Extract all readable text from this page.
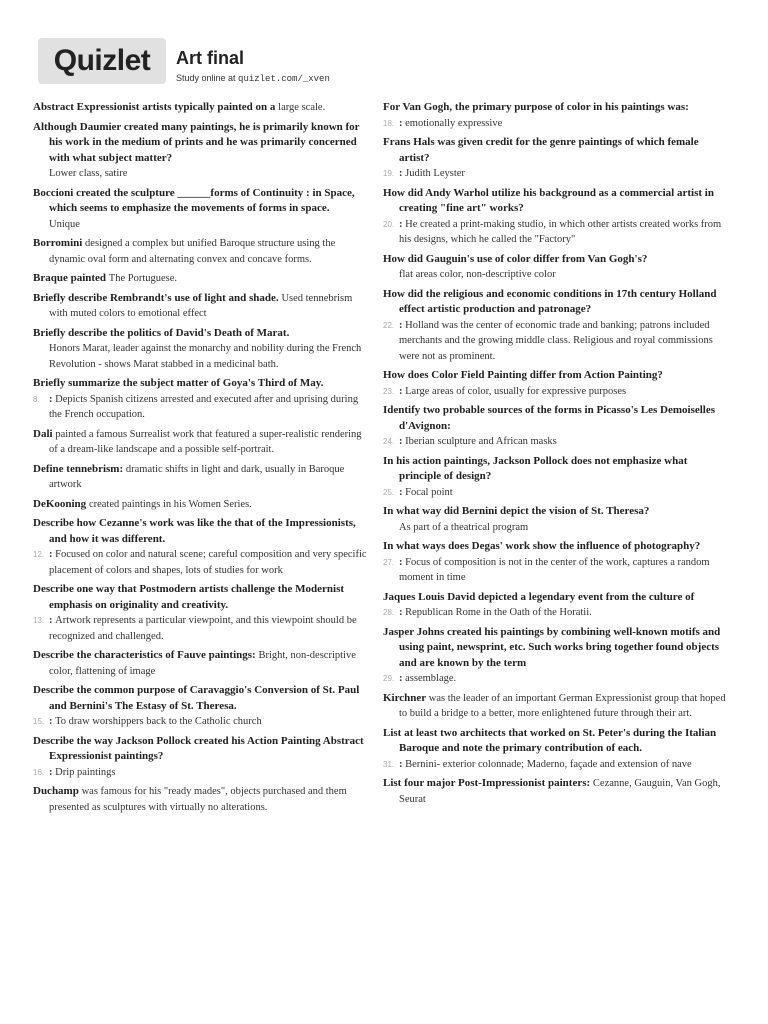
Quizlet	Art final
Study online at quizlet.com/_xven
Abstract Expressionist artists typically painted on a large scale.
Although Daumier created many paintings, he is primarily known for his work in the medium of prints and he was primarily concerned with what subject matter?
Lower class, satire
Boccioni created the sculpture ______forms of Continuity : in Space, which seems to emphasize the movements of forms in space.
Unique
Borromini designed a complex but unified Baroque structure using the dynamic oval form and alternating convex and concave forms.
Braque painted The Portuguese.
Briefly describe Rembrandt's use of light and shade. Used tennebrism with muted colors to emotional effect
Briefly describe the politics of David's Death of Marat.
Honors Marat, leader against the monarchy and nobility during the French Revolution - shows Marat stabbed in a medicinal bath.
Briefly summarize the subject matter of Goya's Third of May.
8. : Depicts Spanish citizens arrested and executed after and uprising during the French occupation.
Dali painted a famous Surrealist work that featured a super-realistic rendering of a dream-like landscape and a possible self-portrait.
Define tennebrism: dramatic shifts in light and dark, usually in Baroque artwork
DeKooning created paintings in his Women Series.
Describe how Cezanne's work was like the that of the Impressionists, and how it was different.
12. : Focused on color and natural scene; careful composition and very specific placement of colors and shapes, lots of studies for work
Describe one way that Postmodern artists challenge the Modernist emphasis on originality and creativity.
13. : Artwork represents a particular viewpoint, and this viewpoint should be recognized and challenged.
Describe the characteristics of Fauve paintings: Bright, non-descriptive color, flattening of image
Describe the common purpose of Caravaggio's Conversion of St. Paul and Bernini's The Estasy of St. Theresa.
15. : To draw worshippers back to the Catholic church
Describe the way Jackson Pollock created his Action Painting Abstract Expressionist paintings?
16. : Drip paintings
Duchamp was famous for his "ready mades", objects purchased and them presented as sculptures with virtually no alterations.
For Van Gogh, the primary purpose of color in his paintings was:
18. : emotionally expressive
Frans Hals was given credit for the genre paintings of which female artist?
19. : Judith Leyster
How did Andy Warhol utilize his background as a commercial artist in creating "fine art" works?
20. : He created a print-making studio, in which other artists created works from his designs, which he called the "Factory"
How did Gauguin's use of color differ from Van Gogh's?
flat areas color, non-descriptive color
How did the religious and economic conditions in 17th century Holland effect artistic production and patronage?
22. : Holland was the center of economic trade and banking; patrons included merchants and the growing middle class. Religious and royal commissions were not as prominent.
How does Color Field Painting differ from Action Painting?
23. : Large areas of color, usually for expressive purposes
Identify two probable sources of the forms in Picasso's Les Demoiselles d'Avignon:
24. : Iberian sculpture and African masks
In his action paintings, Jackson Pollock does not emphasize what principle of design?
25. : Focal point
In what way did Bernini depict the vision of St. Theresa?
As part of a theatrical program
In what ways does Degas' work show the influence of photography?
27. : Focus of composition is not in the center of the work, captures a random moment in time
Jaques Louis David depicted a legendary event from the culture of
28. : Republican Rome in the Oath of the Horatii.
Jasper Johns created his paintings by combining well-known motifs and using paint, newsprint, etc. Such works bring together found objects and are known by the term
29. : assemblage.
Kirchner was the leader of an important German Expressionist group that hoped to build a bridge to a better, more enlightened future through their art.
List at least two architects that worked on St. Peter's during the Italian Baroque and note the primary contribution of each.
31. : Bernini- exterior colonnade; Maderno, façade and extension of nave
List four major Post-Impressionist painters: Cezanne, Gauguin, Van Gogh, Seurat
